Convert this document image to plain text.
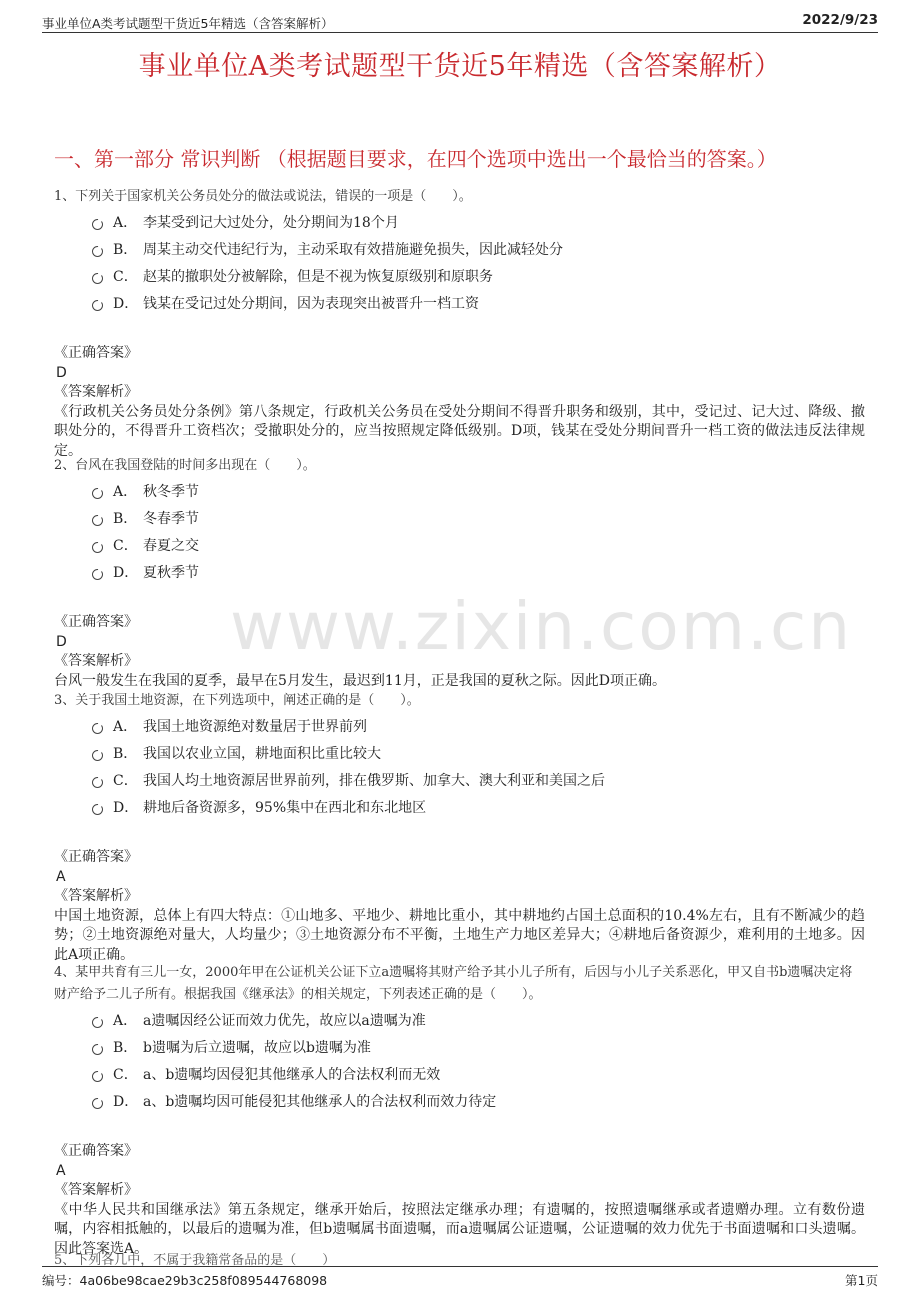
事业单位A类考试题型干货近5年精选（含答案解析）	2022/9/23
事业单位A类考试题型干货近5年精选（含答案解析）
一、第一部分 常识判断 （根据题目要求，在四个选项中选出一个最恰当的答案。）
www.zixin.com.cn
1、下列关于国家机关公务员处分的做法或说法，错误的一项是（　　）。
A． 李某受到记大过处分，处分期间为18个月
B． 周某主动交代违纪行为，主动采取有效措施避免损失，因此减轻处分
C． 赵某的撤职处分被解除，但是不视为恢复原级别和原职务
D． 钱某在受记过处分期间，因为表现突出被晋升一档工资
《正确答案》
D
《答案解析》
《行政机关公务员处分条例》第八条规定，行政机关公务员在受处分期间不得晋升职务和级别，其中，受记过、记大过、降级、撤职处分的，不得晋升工资档次；受撤职处分的，应当按照规定降低级别。D项，钱某在受处分期间晋升一档工资的做法违反法律规定。
2、台风在我国登陆的时间多出现在（　　）。
A． 秋冬季节
B． 冬春季节
C． 春夏之交
D． 夏秋季节
《正确答案》
D
《答案解析》
台风一般发生在我国的夏季，最早在5月发生，最迟到11月，正是我国的夏秋之际。因此D项正确。
3、关于我国土地资源，在下列选项中，阐述正确的是（　　）。
A． 我国土地资源绝对数量居于世界前列
B． 我国以农业立国，耕地面积比重比较大
C． 我国人均土地资源居世界前列，排在俄罗斯、加拿大、澳大利亚和美国之后
D． 耕地后备资源多，95%集中在西北和东北地区
《正确答案》
A
《答案解析》
中国土地资源，总体上有四大特点：①山地多、平地少、耕地比重小，其中耕地约占国土总面积的10.4%左右，且有不断减少的趋势；②土地资源绝对量大，人均量少；③土地资源分布不平衡，土地生产力地区差异大；④耕地后备资源少，难利用的土地多。因此A项正确。
4、某甲共育有三儿一女，2000年甲在公证机关公证下立a遗嘱将其财产给予其小儿子所有，后因与小儿子关系恶化，甲又自书b遗嘱决定将财产给予二儿子所有。根据我国《继承法》的相关规定，下列表述正确的是（　　）。
A． a遗嘱因经公证而效力优先，故应以a遗嘱为准
B． b遗嘱为后立遗嘱，故应以b遗嘱为准
C． a、b遗嘱均因侵犯其他继承人的合法权利而无效
D． a、b遗嘱均因可能侵犯其他继承人的合法权利而效力待定
《正确答案》
A
《答案解析》
《中华人民共和国继承法》第五条规定，继承开始后，按照法定继承办理；有遗嘱的，按照遗嘱继承或者遗赠办理。立有数份遗嘱，内容相抵触的，以最后的遗嘱为准，但b遗嘱属书面遗嘱，而a遗嘱属公证遗嘱，公证遗嘱的效力优先于书面遗嘱和口头遗嘱。因此答案选A。
5、下列各几中，不属于我籍常备品的是（　　）
编号：4a06be98cae29b3c258f089544768098	第1页
